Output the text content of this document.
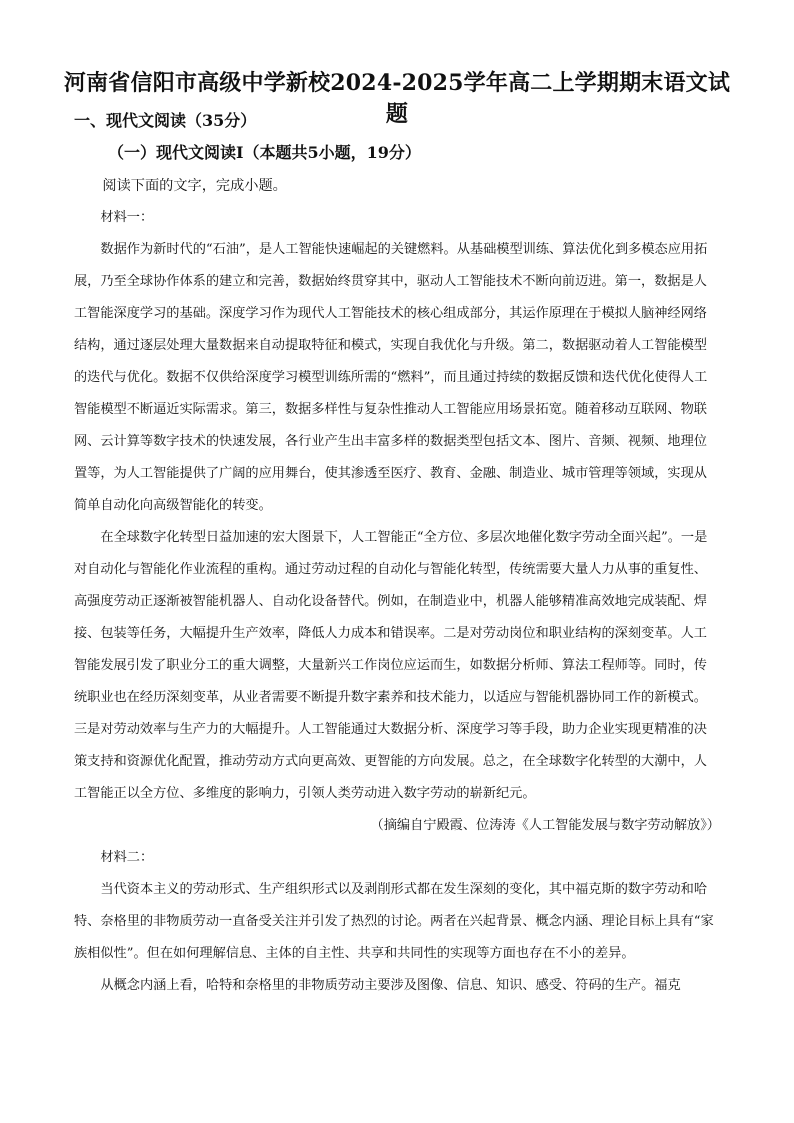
河南省信阳市高级中学新校2024-2025学年高二上学期期末语文试题
一、现代文阅读（35分）
（一）现代文阅读Ⅰ（本题共5小题，19分）

阅读下面的文字，完成小题。

材料一：

数据作为新时代的“石油”，是人工智能快速崛起的关键燃料。从基础模型训练、算法优化到多模态应用拓展，乃至全球协作体系的建立和完善，数据始终贯穿其中，驱动人工智能技术不断向前迈进。第一，数据是人工智能深度学习的基础。深度学习作为现代人工智能技术的核心组成部分，其运作原理在于模拟人脑神经网络结构，通过逐层处理大量数据来自动提取特征和模式，实现自我优化与升级。第二，数据驱动着人工智能模型的迭代与优化。数据不仅供给深度学习模型训练所需的“燃料”，而且通过持续的数据反馈和迭代优化使得人工智能模型不断逼近实际需求。第三，数据多样性与复杂性推动人工智能应用场景拓宽。随着移动互联网、物联网、云计算等数字技术的快速发展，各行业产生出丰富多样的数据类型包括文本、图片、音频、视频、地理位置等，为人工智能提供了广阔的应用舞台，使其渗透至医疗、教育、金融、制造业、城市管理等领域，实现从简单自动化向高级智能化的转变。

在全球数字化转型日益加速的宏大图景下，人工智能正“全方位、多层次地催化数字劳动全面兴起”。一是对自动化与智能化作业流程的重构。通过劳动过程的自动化与智能化转型，传统需要大量人力从事的重复性、高强度劳动正逐渐被智能机器人、自动化设备替代。例如，在制造业中，机器人能够精准高效地完成装配、焊接、包装等任务，大幅提升生产效率，降低人力成本和错误率。二是对劳动岗位和职业结构的深刻变革。人工智能发展引发了职业分工的重大调整，大量新兴工作岗位应运而生，如数据分析师、算法工程师等。同时，传统职业也在经历深刻变革，从业者需要不断提升数字素养和技术能力，以适应与智能机器协同工作的新模式。三是对劳动效率与生产力的大幅提升。人工智能通过大数据分析、深度学习等手段，助力企业实现更精准的决策支持和资源优化配置，推动劳动方式向更高效、更智能的方向发展。总之，在全球数字化转型的大潮中，人工智能正以全方位、多维度的影响力，引领人类劳动进入数字劳动的崭新纪元。

（摘编自宁殿霞、位涛涛《人工智能发展与数字劳动解放》）

材料二：

当代资本主义的劳动形式、生产组织形式以及剥削形式都在发生深刻的变化，其中福克斯的数字劳动和哈特、奈格里的非物质劳动一直备受关注并引发了热烈的讨论。两者在兴起背景、概念内涵、理论目标上具有“家族相似性”。但在如何理解信息、主体的自主性、共享和共同性的实现等方面也存在不小的差异。

从概念内涵上看，哈特和奈格里的非物质劳动主要涉及图像、信息、知识、感受、符码的生产。福克
